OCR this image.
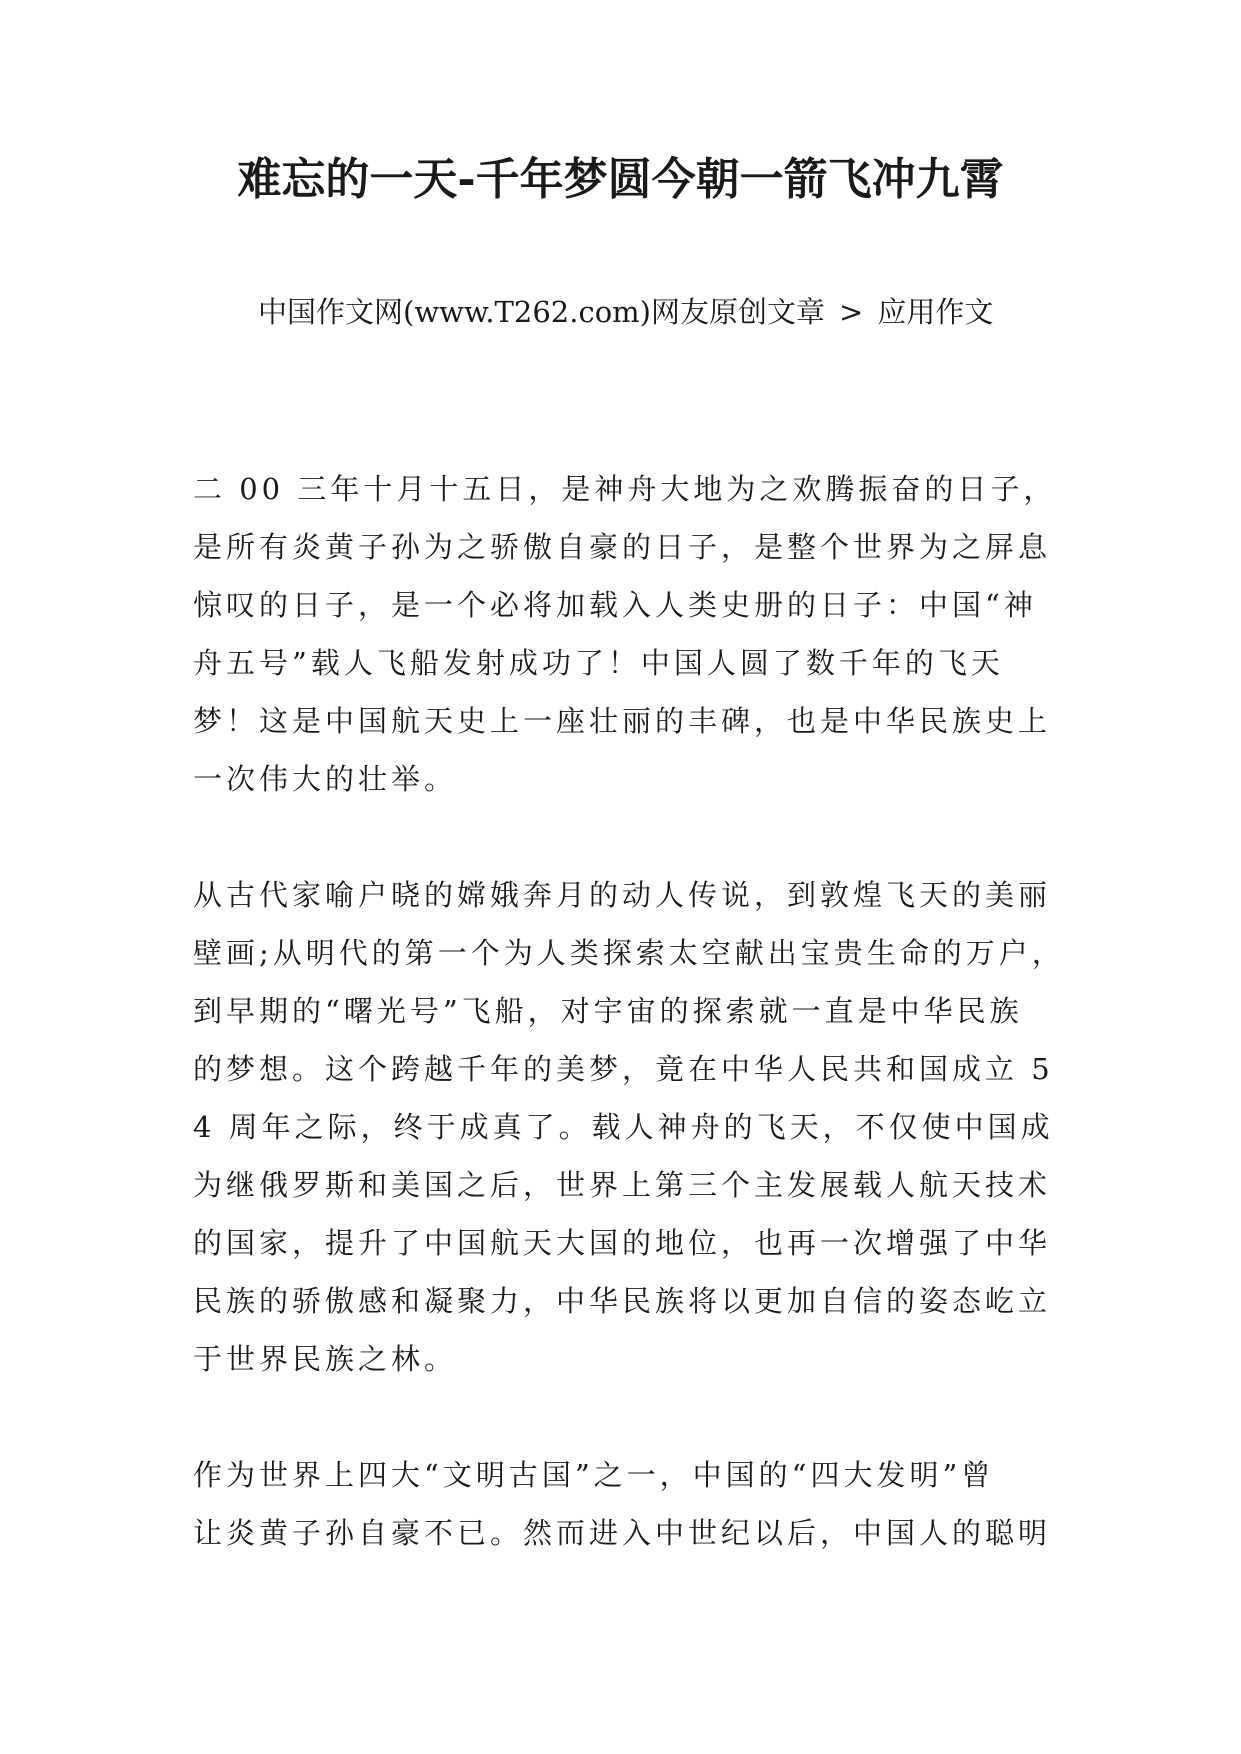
难忘的一天-千年梦圆今朝一箭飞冲九霄

中国作文网(www.T262.com)网友原创文章 > 应用作文

二 00 三年十月十五日，是神舟大地为之欢腾振奋的日子，
是所有炎黄子孙为之骄傲自豪的日子，是整个世界为之屏息
惊叹的日子，是一个必将加载入人类史册的日子：中国“神
舟五号”载人飞船发射成功了！中国人圆了数千年的飞天
梦！这是中国航天史上一座壮丽的丰碑，也是中华民族史上
一次伟大的壮举。

从古代家喻户晓的嫦娥奔月的动人传说，到敦煌飞天的美丽
壁画;从明代的第一个为人类探索太空献出宝贵生命的万户，
到早期的“曙光号”飞船，对宇宙的探索就一直是中华民族
的梦想。这个跨越千年的美梦，竟在中华人民共和国成立 5
4 周年之际，终于成真了。载人神舟的飞天，不仅使中国成
为继俄罗斯和美国之后，世界上第三个主发展载人航天技术
的国家，提升了中国航天大国的地位，也再一次增强了中华
民族的骄傲感和凝聚力，中华民族将以更加自信的姿态屹立
于世界民族之林。

作为世界上四大“文明古国”之一，中国的“四大发明”曾
让炎黄子孙自豪不已。然而进入中世纪以后，中国人的聪明
